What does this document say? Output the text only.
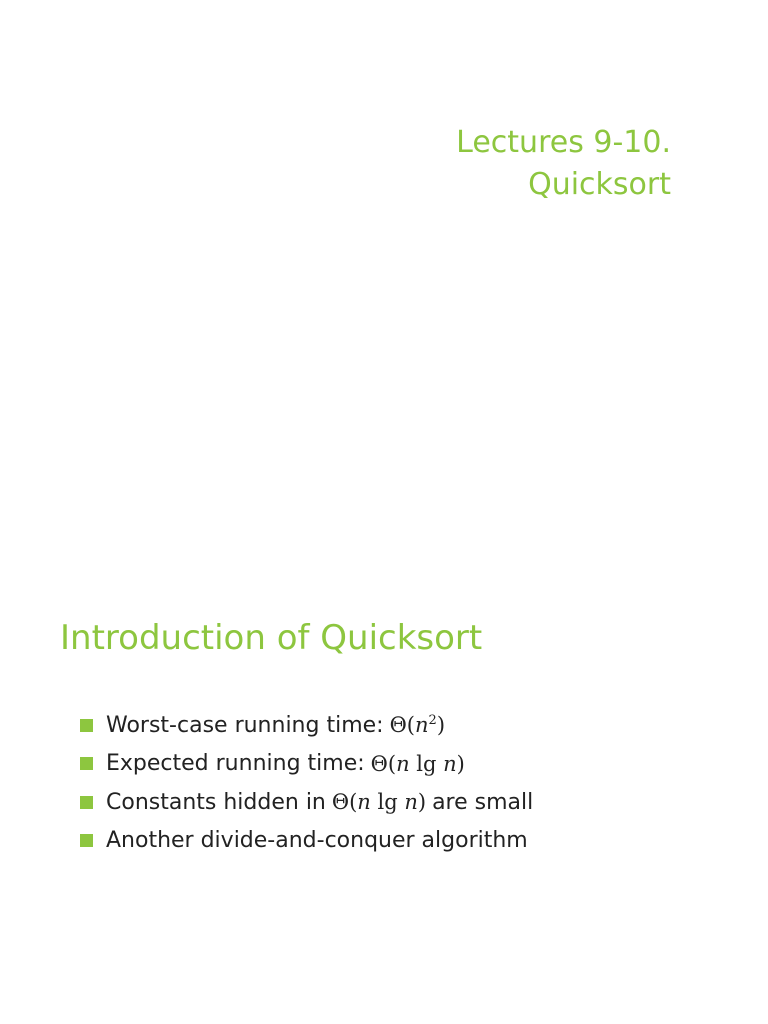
Lectures 9-10.
Quicksort
Introduction of Quicksort
Worst-case running time: $\Theta(n^2)$
Expected running time: Θ(n lg n)
Constants hidden in Θ(n lg n) are small
Another divide-and-conquer algorithm
